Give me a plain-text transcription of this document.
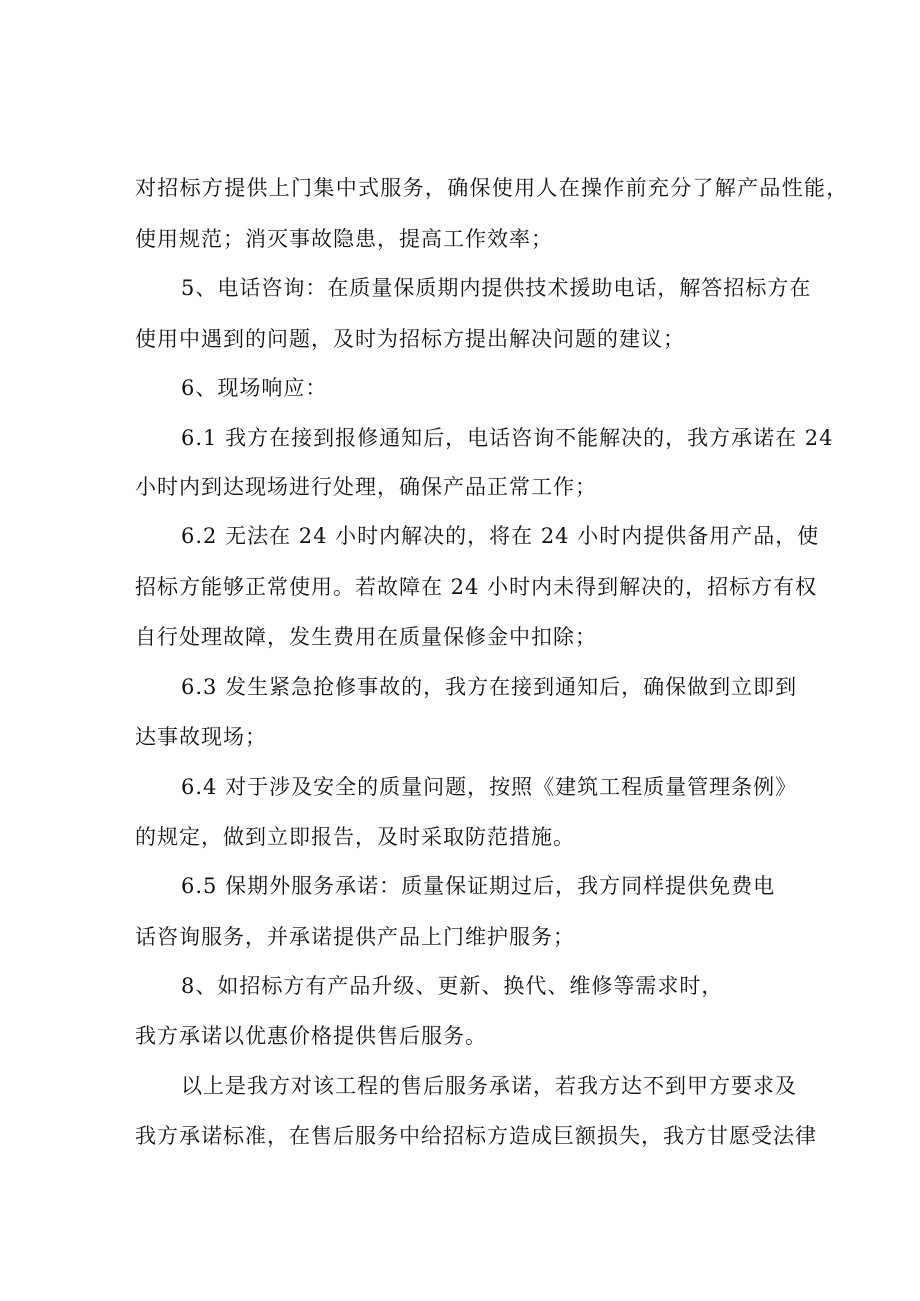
对招标方提供上门集中式服务，确保使用人在操作前充分了解产品性能，
使用规范；消灭事故隐患，提高工作效率；
5、电话咨询：在质量保质期内提供技术援助电话，解答招标方在
使用中遇到的问题，及时为招标方提出解决问题的建议；
6、现场响应：
6.1 我方在接到报修通知后，电话咨询不能解决的，我方承诺在 24
小时内到达现场进行处理，确保产品正常工作；
6.2 无法在 24 小时内解决的，将在 24 小时内提供备用产品，使
招标方能够正常使用。若故障在 24 小时内未得到解决的，招标方有权
自行处理故障，发生费用在质量保修金中扣除；
6.3 发生紧急抢修事故的，我方在接到通知后，确保做到立即到
达事故现场；
6.4 对于涉及安全的质量问题，按照《建筑工程质量管理条例》
的规定，做到立即报告，及时采取防范措施。
6.5 保期外服务承诺：质量保证期过后，我方同样提供免费电
话咨询服务，并承诺提供产品上门维护服务；
8、如招标方有产品升级、更新、换代、维修等需求时，
我方承诺以优惠价格提供售后服务。
以上是我方对该工程的售后服务承诺，若我方达不到甲方要求及
我方承诺标准，在售后服务中给招标方造成巨额损失，我方甘愿受法律
